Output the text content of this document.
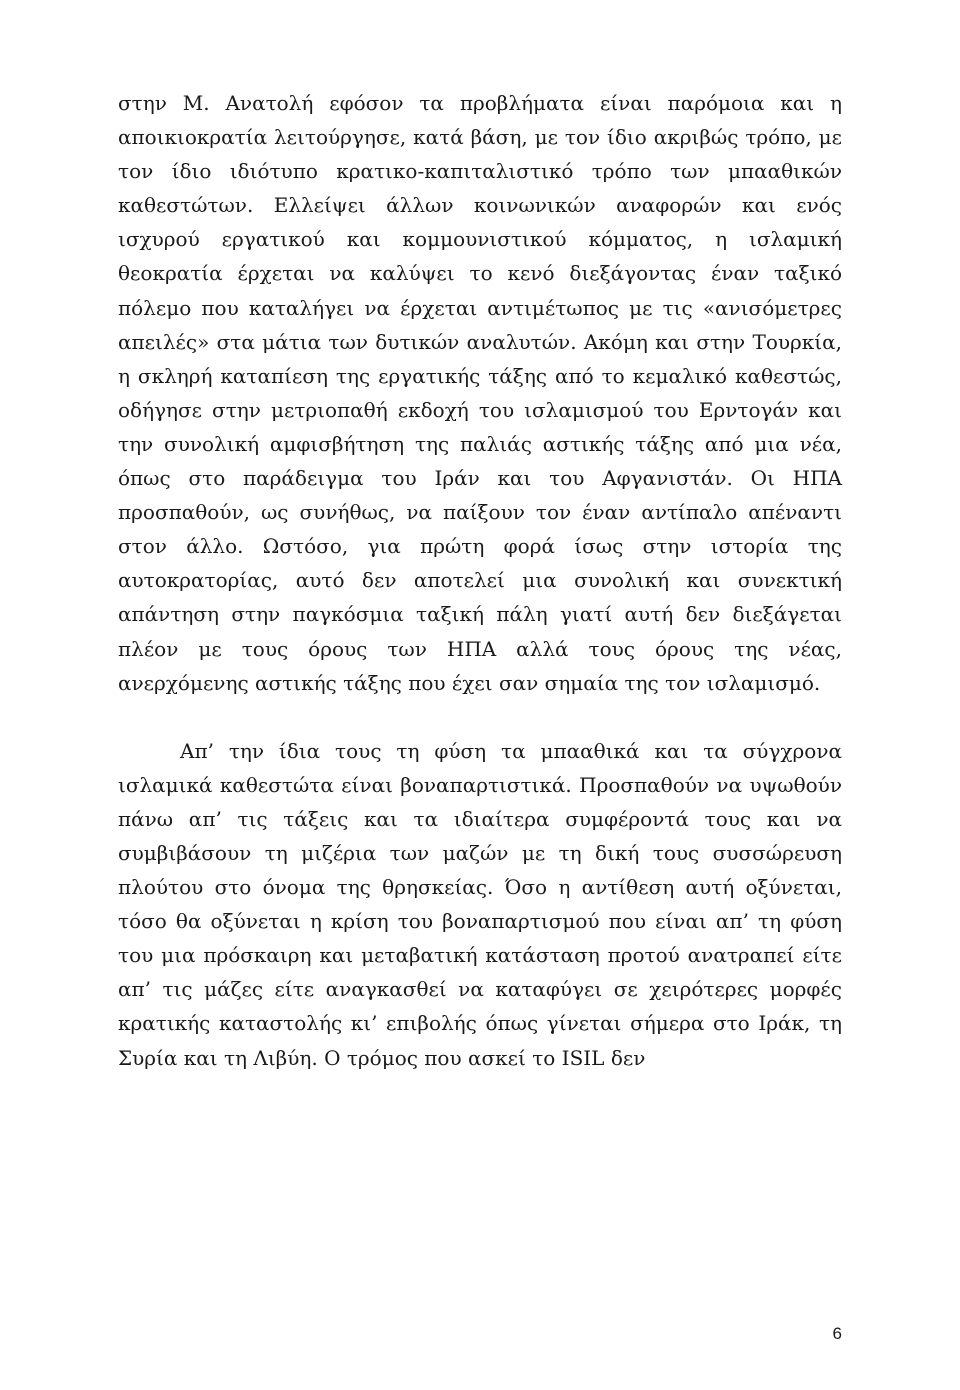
στην Μ. Ανατολή εφόσον τα προβλήματα είναι παρόμοια και η αποικιοκρατία λειτούργησε, κατά βάση, με τον ίδιο ακριβώς τρόπο, με τον ίδιο ιδιότυπο κρατικο-καπιταλιστικό τρόπο των μπααθικών καθεστώτων. Ελλείψει άλλων κοινωνικών αναφορών και ενός ισχυρού εργατικού και κομμουνιστικού κόμματος, η ισλαμική θεοκρατία έρχεται να καλύψει το κενό διεξάγοντας έναν ταξικό πόλεμο που καταλήγει να έρχεται αντιμέτωπος με τις «ανισόμετρες απειλές» στα μάτια των δυτικών αναλυτών. Ακόμη και στην Τουρκία, η σκληρή καταπίεση της εργατικής τάξης από το κεμαλικό καθεστώς, οδήγησε στην μετριοπαθή εκδοχή του ισλαμισμού του Ερντογάν και την συνολική αμφισβήτηση της παλιάς αστικής τάξης από μια νέα, όπως στο παράδειγμα του Ιράν και του Αφγανιστάν. Οι ΗΠΑ προσπαθούν, ως συνήθως, να παίξουν τον έναν αντίπαλο απέναντι στον άλλο. Ωστόσο, για πρώτη φορά ίσως στην ιστορία της αυτοκρατορίας, αυτό δεν αποτελεί μια συνολική και συνεκτική απάντηση στην παγκόσμια ταξική πάλη γιατί αυτή δεν διεξάγεται πλέον με τους όρους των ΗΠΑ αλλά τους όρους της νέας, ανερχόμενης αστικής τάξης που έχει σαν σημαία της τον ισλαμισμό.

Απ’ την ίδια τους τη φύση τα μπααθικά και τα σύγχρονα ισλαμικά καθεστώτα είναι βοναπαρτιστικά. Προσπαθούν να υψωθούν πάνω απ’ τις τάξεις και τα ιδιαίτερα συμφέροντά τους και να συμβιβάσουν τη μιζέρια των μαζών με τη δική τους συσσώρευση πλούτου στο όνομα της θρησκείας. Όσο η αντίθεση αυτή οξύνεται, τόσο θα οξύνεται η κρίση του βοναπαρτισμού που είναι απ’ τη φύση του μια πρόσκαιρη και μεταβατική κατάσταση προτού ανατραπεί είτε απ’ τις μάζες είτε αναγκασθεί να καταφύγει σε χειρότερες μορφές κρατικής καταστολής κι’ επιβολής όπως γίνεται σήμερα στο Ιράκ, τη Συρία και τη Λιβύη. Ο τρόμος που ασκεί το ISIL δεν

6
